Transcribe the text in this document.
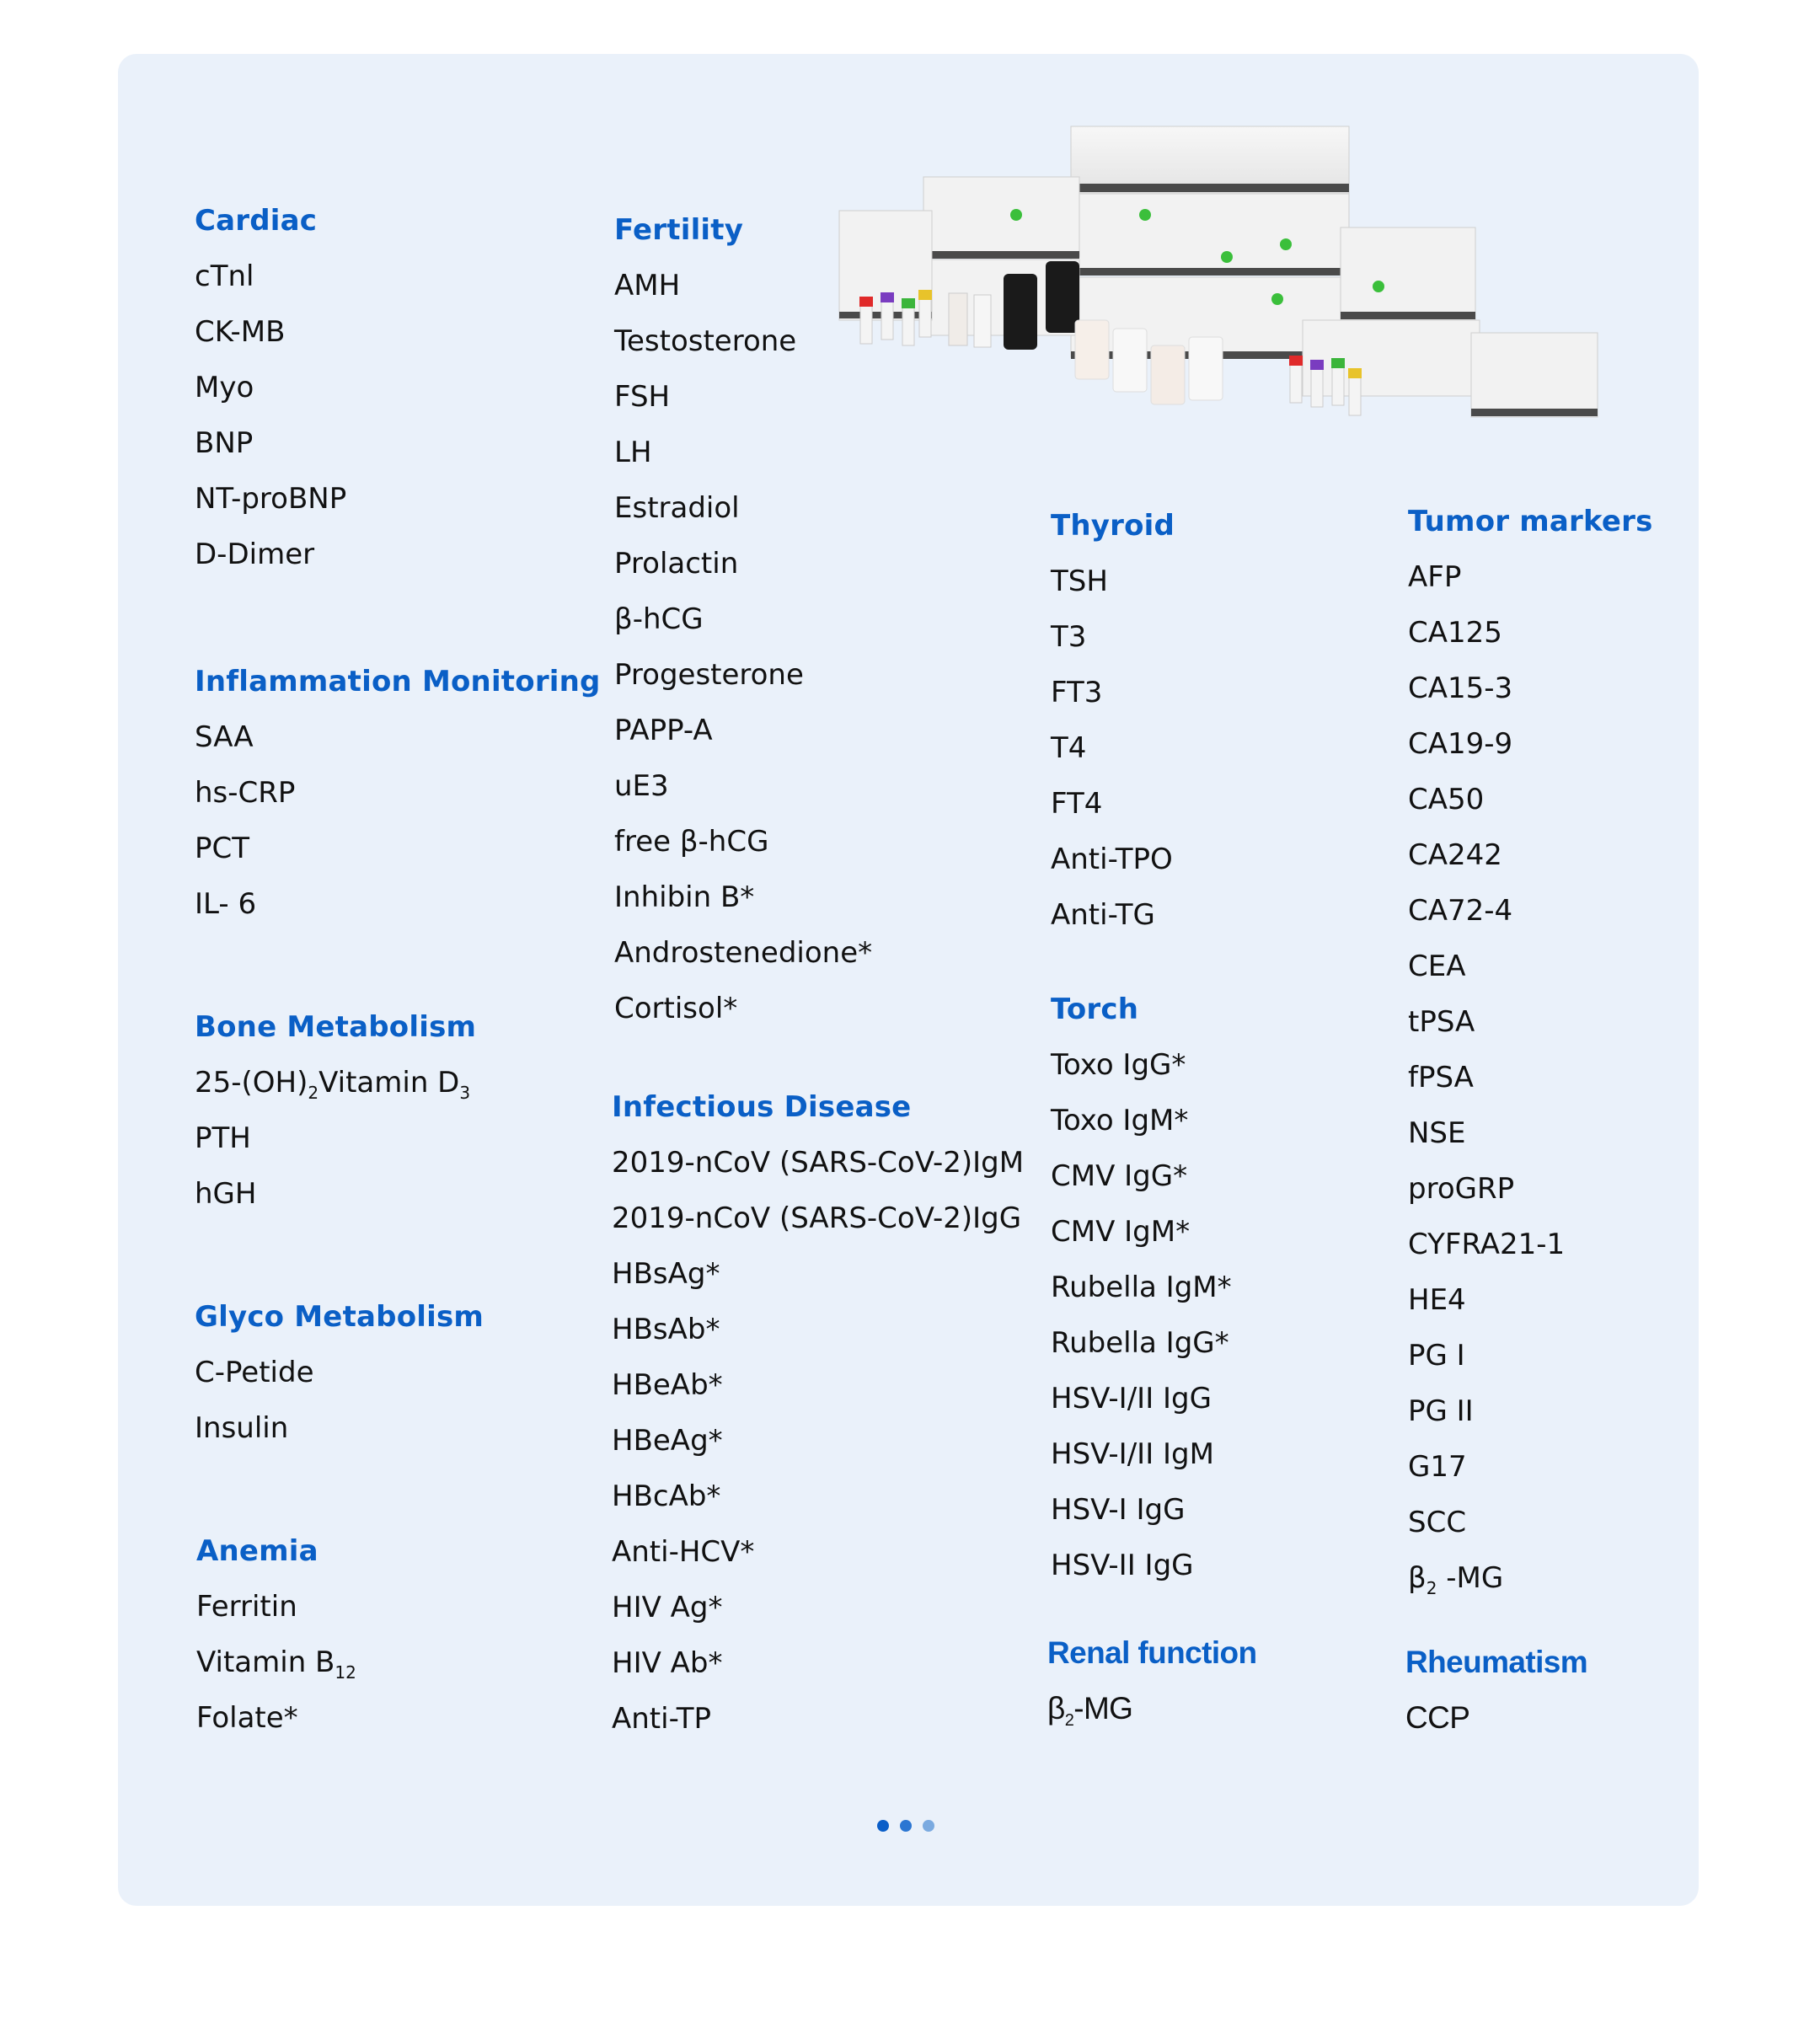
Cardiac
cTnl
CK-MB
Myo
BNP
NT-proBNP
D-Dimer
Inflammation Monitoring
SAA
hs-CRP
PCT
IL- 6
Bone Metabolism
$25-(OH)_2Vitamin$ $D_3$
PTH
hGH
Glyco Metabolism
C-Petide
Insulin
Anemia
Ferritin
Vitamin $B_{12}$
Folate*
Fertility
AMH
Testosterone
FSH
LH
Estradiol
Prolactin
β-hCG
Progesterone
PAPP-A
uE3
free β-hCG
Inhibin B*
Androstenedione*
Cortisol*
Infectious Disease
2019-nCoV (SARS-CoV-2)IgM
2019-nCoV (SARS-CoV-2)IgG
HBsAg*
HBsAb*
HBeAb*
HBeAg*
HBcAb*
Anti-HCV*
HIV Ag*
HIV Ab*
Anti-TP
Thyroid
TSH
T3
FT3
T4
FT4
Anti-TPO
Anti-TG
Torch
Toxo IgG*
Toxo IgM*
CMV IgG*
CMV IgM*
Rubella IgM*
Rubella IgG*
HSV-I/II IgG
HSV-I/II IgM
HSV-I IgG
HSV-II IgG
Renal function
$\beta_2-MG$
Tumor markers
AFP
CA125
CA15-3
CA19-9
CA50
CA242
CA72-4
CEA
tPSA
fPSA
NSE
proGRP
CYFRA21-1
HE4
PG I
PG II
G17
SCC
$\beta_2$ -MG
Rheumatism
CCP
